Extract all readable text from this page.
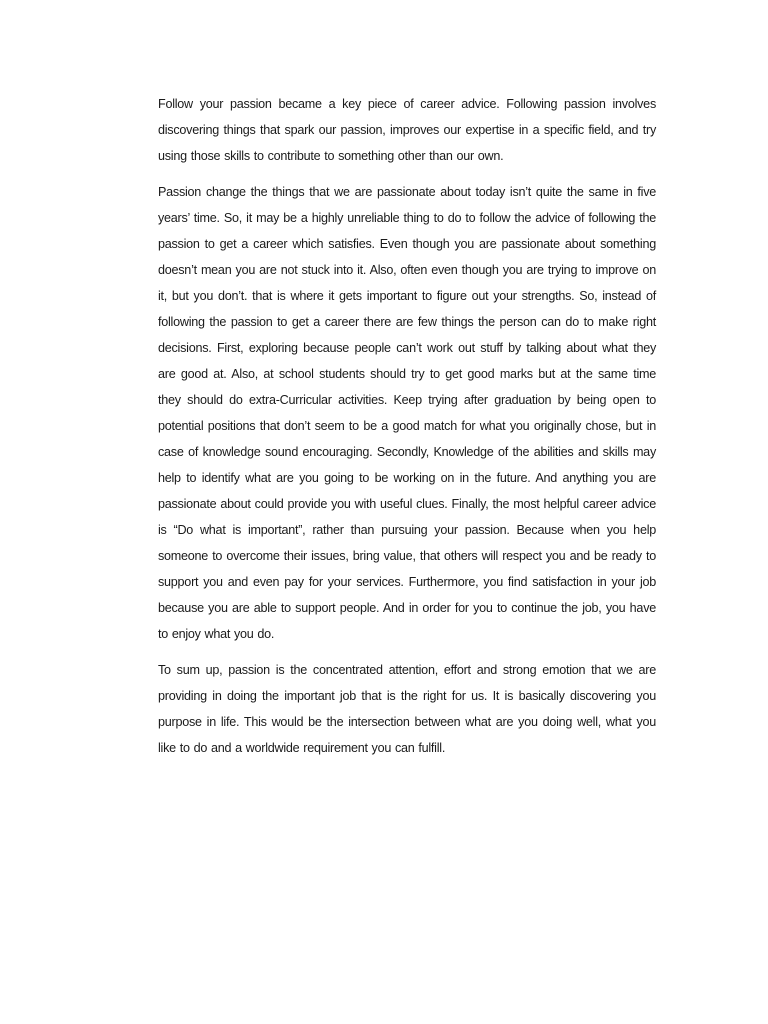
Follow your passion became a key piece of career advice. Following passion involves discovering things that spark our passion, improves our expertise in a specific field, and try using those skills to contribute to something other than our own.

Passion change the things that we are passionate about today isn’t quite the same in five years’ time. So, it may be a highly unreliable thing to do to follow the advice of following the passion to get a career which satisfies. Even though you are passionate about something doesn’t mean you are not stuck into it. Also, often even though you are trying to improve on it, but you don’t. that is where it gets important to figure out your strengths. So, instead of following the passion to get a career there are few things the person can do to make right decisions. First, exploring because people can’t work out stuff by talking about what they are good at. Also, at school students should try to get good marks but at the same time they should do extra-Curricular activities. Keep trying after graduation by being open to potential positions that don’t seem to be a good match for what you originally chose, but in case of knowledge sound encouraging. Secondly, Knowledge of the abilities and skills may help to identify what are you going to be working on in the future. And anything you are passionate about could provide you with useful clues. Finally, the most helpful career advice is “Do what is important”, rather than pursuing your passion. Because when you help someone to overcome their issues, bring value, that others will respect you and be ready to support you and even pay for your services. Furthermore, you find satisfaction in your job because you are able to support people. And in order for you to continue the job, you have to enjoy what you do.

To sum up, passion is the concentrated attention, effort and strong emotion that we are providing in doing the important job that is the right for us. It is basically discovering you purpose in life. This would be the intersection between what are you doing well, what you like to do and a worldwide requirement you can fulfill.
